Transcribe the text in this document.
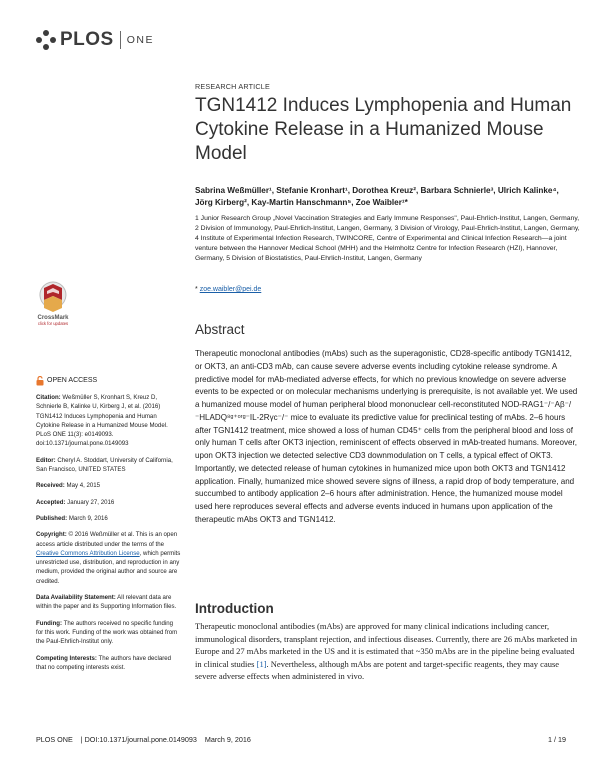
PLOS ONE
RESEARCH ARTICLE
TGN1412 Induces Lymphopenia and Human Cytokine Release in a Humanized Mouse Model
Sabrina Weßmüller¹, Stefanie Kronhart¹, Dorothea Kreuz², Barbara Schnierle³, Ulrich Kalinke⁴, Jörg Kirberg², Kay-Martin Hanschmann⁵, Zoe Waibler¹*
1 Junior Research Group „Novel Vaccination Strategies and Early Immune Responses", Paul-Ehrlich-Institut, Langen, Germany, 2 Division of Immunology, Paul-Ehrlich-Institut, Langen, Germany, 3 Division of Virology, Paul-Ehrlich-Institut, Langen, Germany, 4 Institute of Experimental Infection Research, TWINCORE, Centre of Experimental and Clinical Infection Research—a joint venture between the Hannover Medical School (MHH) and the Helmholtz Centre for Infection Research (HZI), Hannover, Germany, 5 Division of Biostatistics, Paul-Ehrlich-Institut, Langen, Germany
* zoe.waibler@pei.de
CrossMark
click for updates	Abstract

Therapeutic monoclonal antibodies (mAbs) such as the superagonistic, CD28-specific antibody TGN1412, or OKT3, an anti-CD3 mAb, can cause severe adverse events including cytokine release syndrome. A predictive model for mAb-mediated adverse effects, for which no previous knowledge on severe adverse events to be expected or on molecular mechanisms underlying is prerequisite, is not available yet. We used a humanized mouse model of human peripheral blood mononuclear cell-reconstituted NOD-RAG1⁻/⁻Aβ⁻/⁻HLADQ⁸ᵍ⁺ᵒʳᵍ⁻IL-2Rγc⁻/⁻ mice to evaluate its predictive value for preclinical testing of mAbs. 2–6 hours after TGN1412 treatment, mice showed a loss of human CD45⁺ cells from the peripheral blood and loss of only human T cells after OKT3 injection, reminiscent of effects observed in mAb-treated humans. Moreover, upon OKT3 injection we detected selective CD3 downmodulation on T cells, a typical effect of OKT3. Importantly, we detected release of human cytokines in humanized mice upon both OKT3 and TGN1412 application. Finally, humanized mice showed severe signs of illness, a rapid drop of body temperature, and succumbed to antibody application 2–6 hours after administration. Hence, the humanized mouse model used here reproduces several effects and adverse events induced in humans upon application of the therapeutic mAbs OKT3 and TGN1412.

Introduction

Therapeutic monoclonal antibodies (mAbs) are approved for many clinical indications including cancer, immunological disorders, transplant rejection, and infectious diseases. Currently, there are 26 mAbs marketed in Europe and 27 mAbs marketed in the US and it is estimated that ~350 mAbs are in the pipeline being evaluated in clinical studies [1]. Nevertheless, although mAbs are potent and target-specific reagents, they may cause severe adverse effects when administered in vivo.

OPEN ACCESS
Citation: Weßmüller S, Kronhart S, Kreuz D, Schnierle B, Kalinke U, Kirberg J, et al. (2016) TGN1412 Induces Lymphopenia and Human Cytokine Release in a Humanized Mouse Model. PLoS ONE 11(3): e0149093. doi:10.1371/journal.pone.0149093
Editor: Cheryl A. Stoddart, University of California, San Francisco, UNITED STATES
Received: May 4, 2015
Accepted: January 27, 2016
Published: March 9, 2016
Copyright: © 2016 Weßmüller et al. This is an open access article distributed under the terms of the Creative Commons Attribution License, which permits unrestricted use, distribution, and reproduction in any medium, provided the original author and source are credited.
Data Availability Statement: All relevant data are within the paper and its Supporting Information files.
Funding: The authors received no specific funding for this work. Funding of the work was obtained from the Paul-Ehrlich-Institut only.
Competing Interests: The authors have declared that no competing interests exist.
PLOS ONE | DOI:10.1371/journal.pone.0149093 March 9, 2016	1 / 19
